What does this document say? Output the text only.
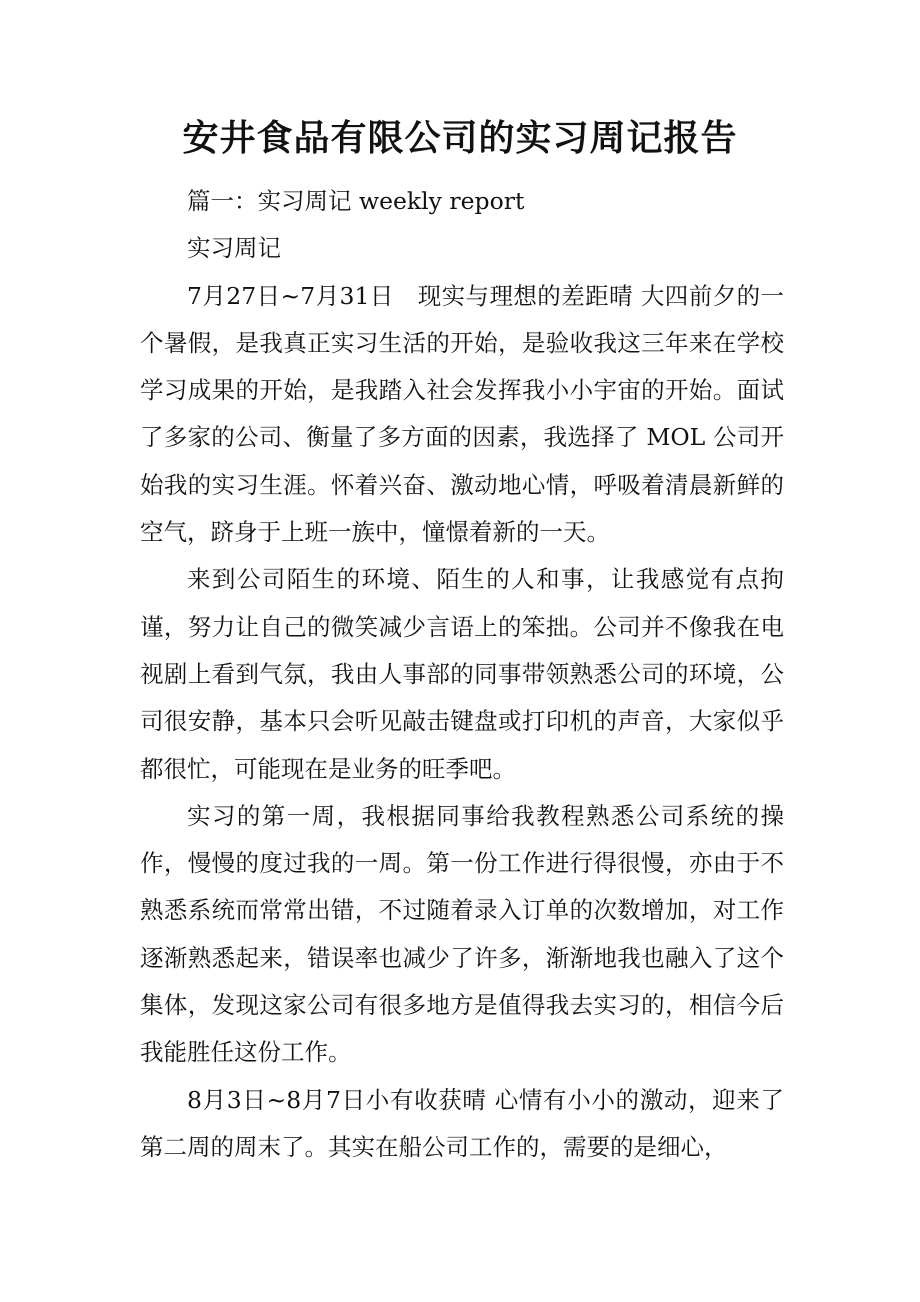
安井食品有限公司的实习周记报告

篇一：实习周记 weekly report

实习周记

7月27日~7月31日　现实与理想的差距晴 大四前夕的一个暑假，是我真正实习生活的开始，是验收我这三年来在学校学习成果的开始，是我踏入社会发挥我小小宇宙的开始。面试了多家的公司、衡量了多方面的因素，我选择了 MOL 公司开始我的实习生涯。怀着兴奋、激动地心情，呼吸着清晨新鲜的空气，跻身于上班一族中，憧憬着新的一天。

来到公司陌生的环境、陌生的人和事，让我感觉有点拘谨，努力让自己的微笑减少言语上的笨拙。公司并不像我在电视剧上看到气氛，我由人事部的同事带领熟悉公司的环境，公司很安静，基本只会听见敲击键盘或打印机的声音，大家似乎都很忙，可能现在是业务的旺季吧。

实习的第一周，我根据同事给我教程熟悉公司系统的操作，慢慢的度过我的一周。第一份工作进行得很慢，亦由于不熟悉系统而常常出错，不过随着录入订单的次数增加，对工作逐渐熟悉起来，错误率也减少了许多，渐渐地我也融入了这个集体，发现这家公司有很多地方是值得我去实习的，相信今后我能胜任这份工作。

8月3日~8月7日小有收获晴 心情有小小的激动，迎来了第二周的周末了。其实在船公司工作的，需要的是细心，
